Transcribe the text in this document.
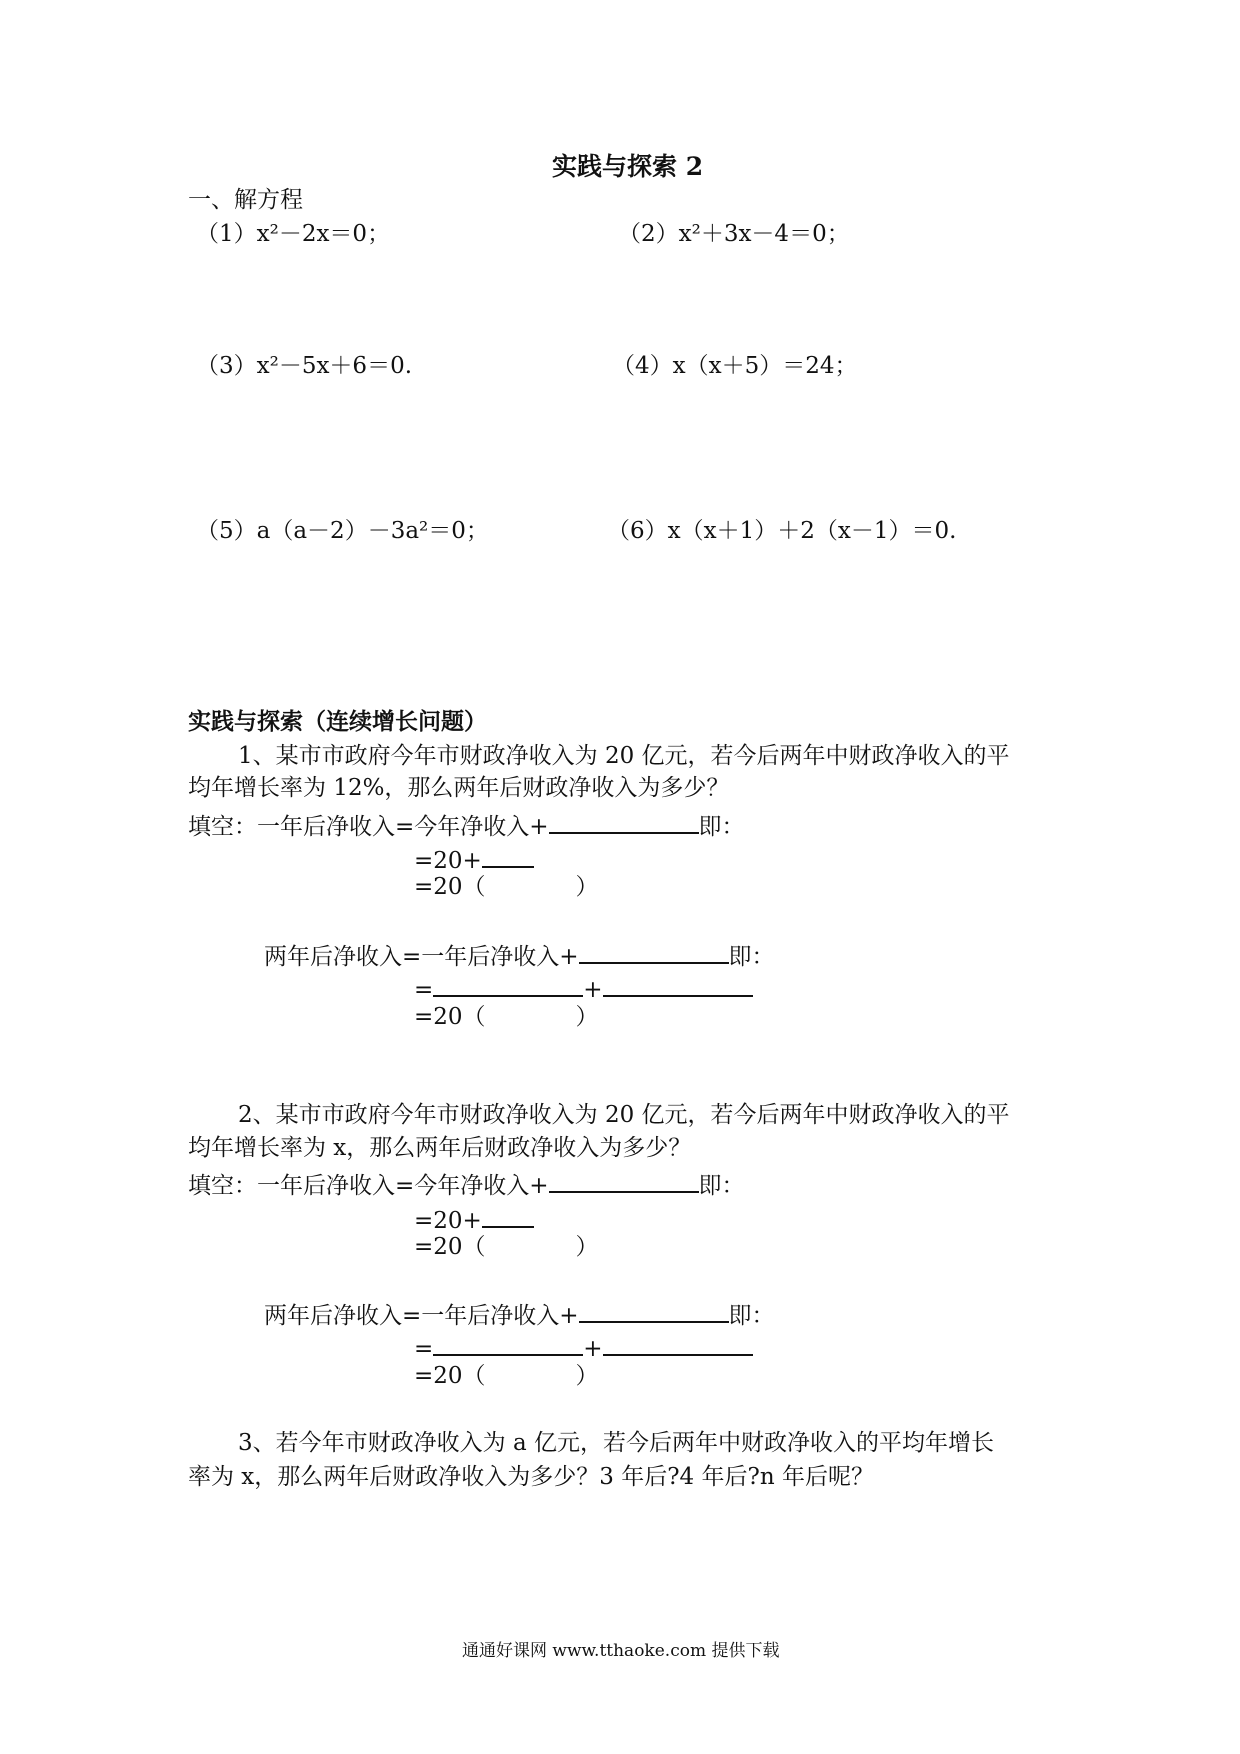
实践与探索 2
一、解方程
（1）x²－2x＝0；	（2）x²＋3x－4＝0；
（3）x²－5x＋6＝0.	（4）x（x＋5）＝24；
（5）a（a－2）－3a²＝0；	（6）x（x＋1）＋2（x－1）＝0.
实践与探索（连续增长问题）
1、某市市政府今年市财政净收入为 20 亿元，若今后两年中财政净收入的平
均年增长率为 12%，那么两年后财政净收入为多少？
填空：一年后净收入=今年净收入+	即：
=20+
=20（	）
两年后净收入=一年后净收入+	即：
=	+
=20（	）
2、某市市政府今年市财政净收入为 20 亿元，若今后两年中财政净收入的平
均年增长率为 x，那么两年后财政净收入为多少？
填空：一年后净收入=今年净收入+	即：
=20+
=20（	）
两年后净收入=一年后净收入+	即：
=	+
=20（	）
3、若今年市财政净收入为 a 亿元，若今后两年中财政净收入的平均年增长
率为 x，那么两年后财政净收入为多少？3 年后?4 年后?n 年后呢？
通通好课网 www.tthaoke.com 提供下载
